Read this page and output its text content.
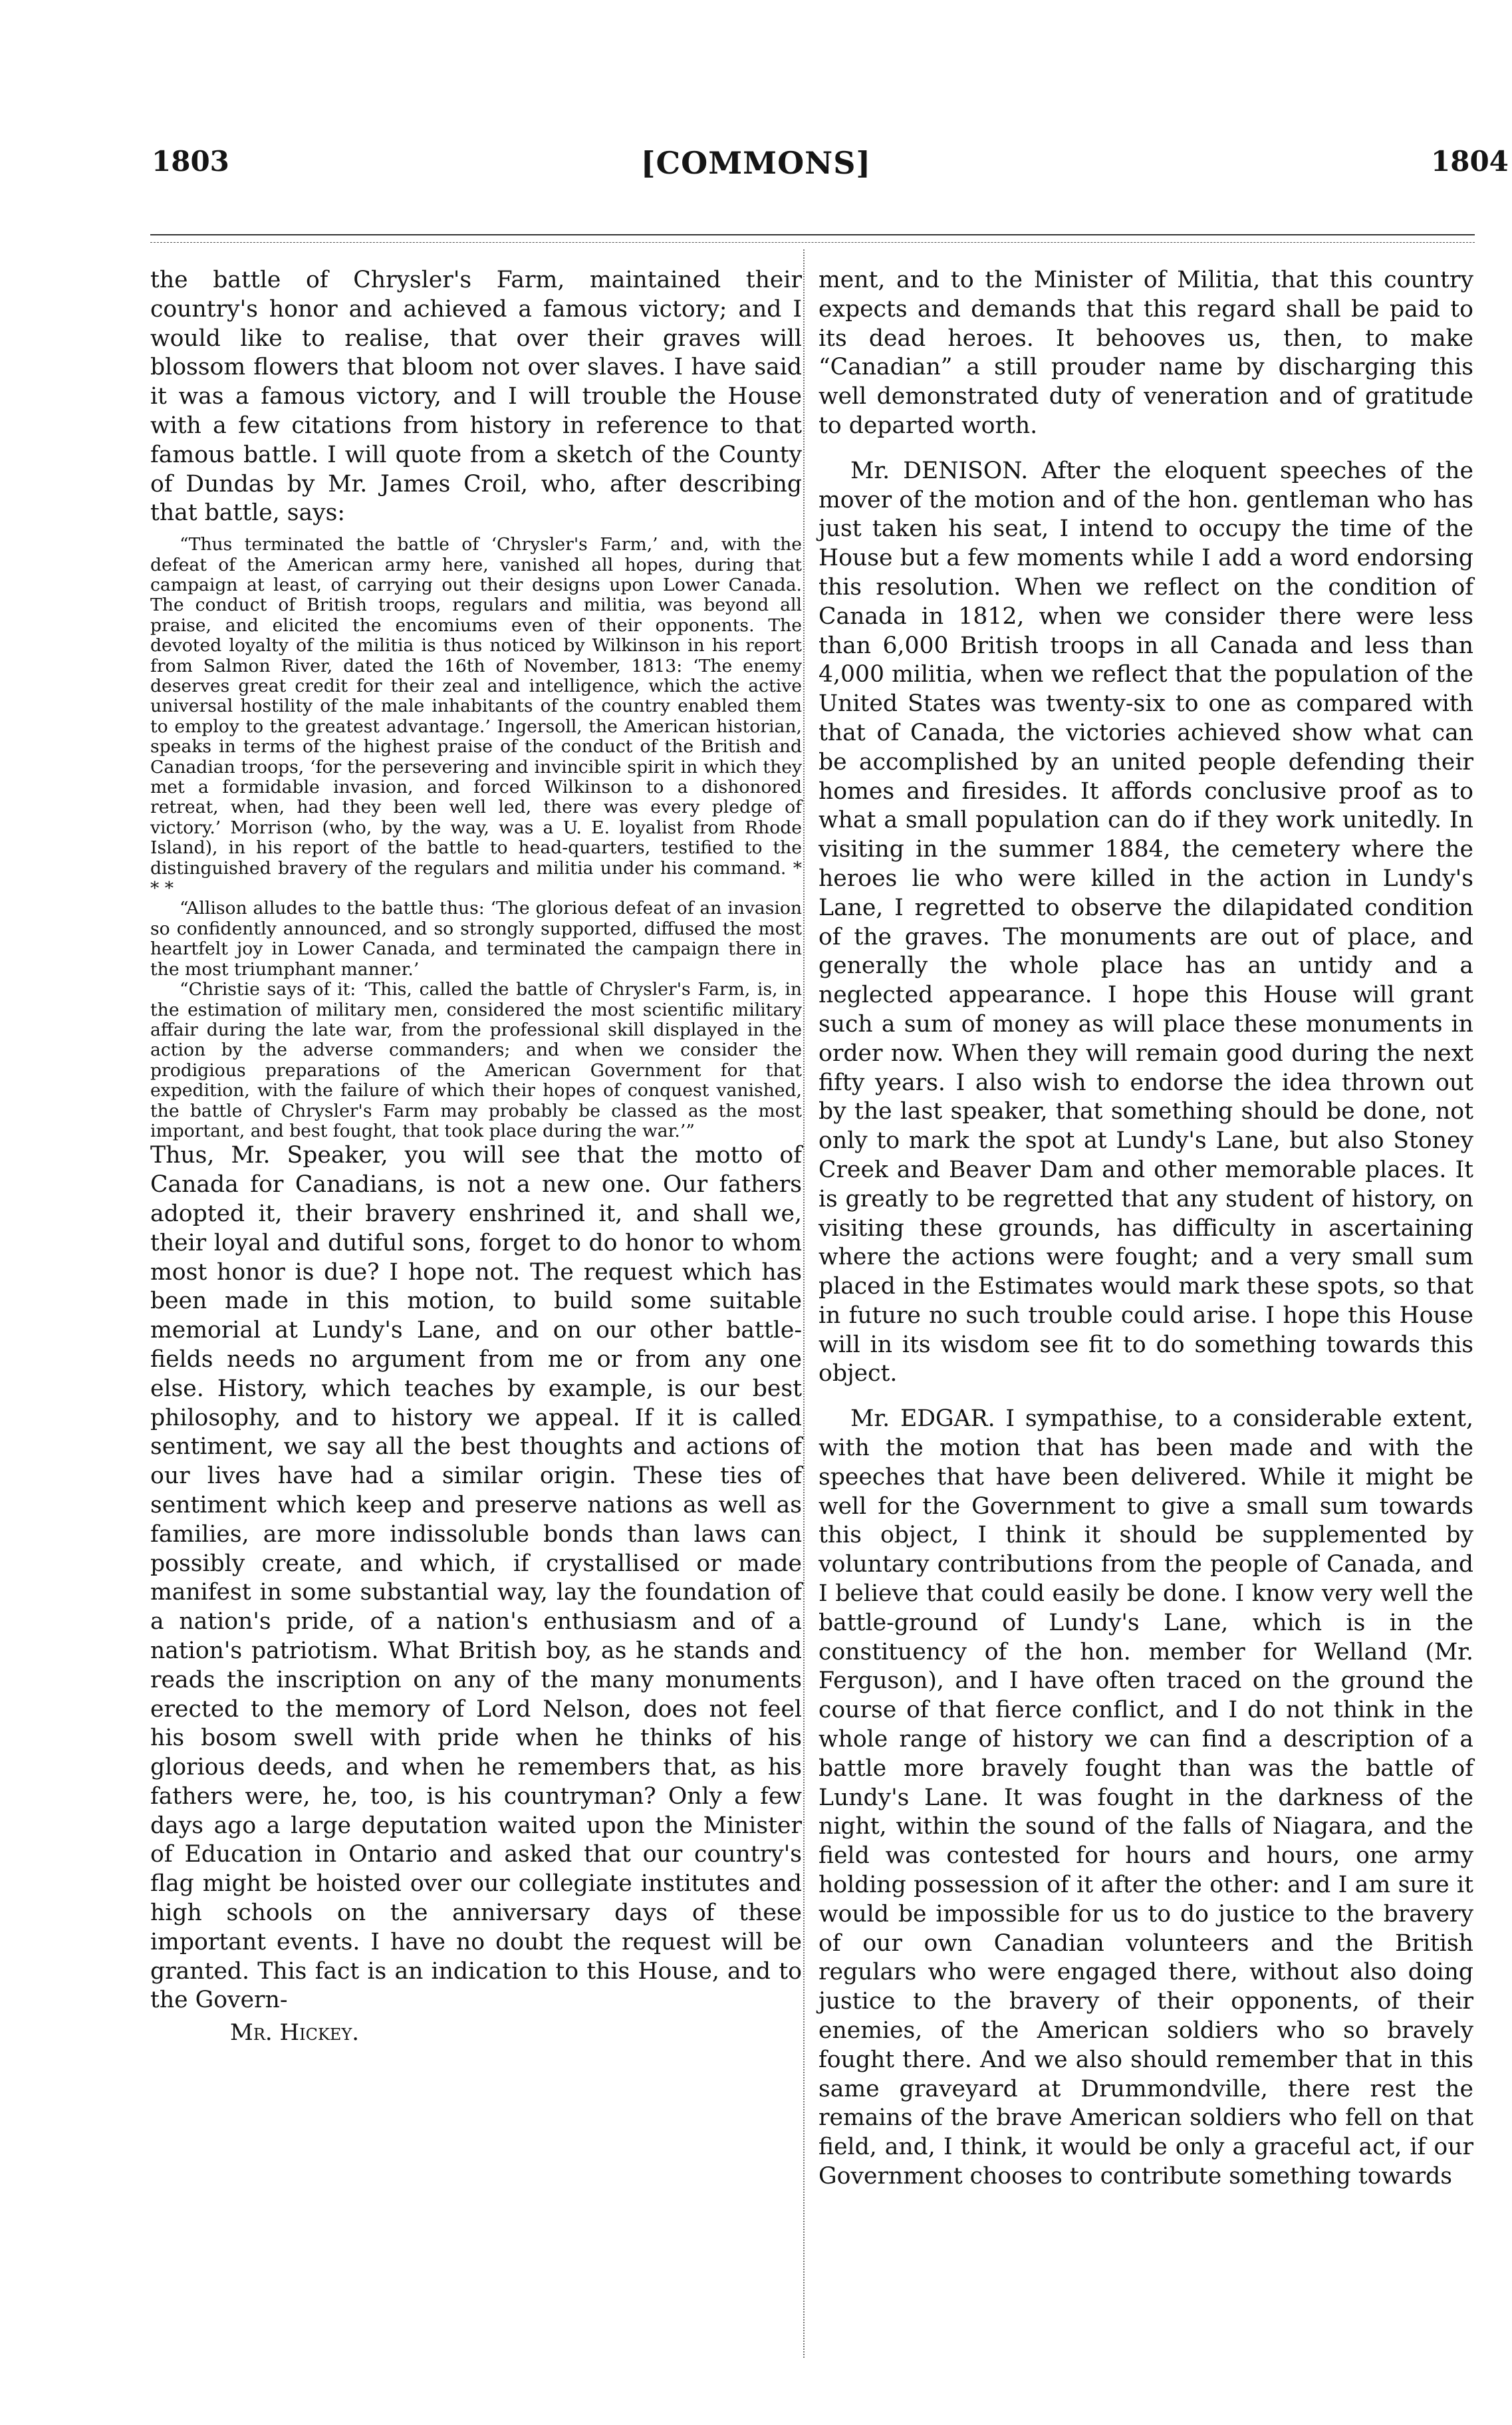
1803	[COMMONS]	1804

the battle of Chrysler's Farm, maintained their country's honor and achieved a famous victory; and I would like to realise, that over their graves will blossom flowers that bloom not over slaves. I have said it was a famous victory, and I will trouble the House with a few citations from history in reference to that famous battle. I will quote from a sketch of the County of Dundas by Mr. James Croil, who, after describing that battle, says:

“Thus terminated the battle of ‘Chrysler's Farm,’ and, with the defeat of the American army here, vanished all hopes, during that campaign at least, of carrying out their designs upon Lower Canada. The conduct of British troops, regulars and militia, was beyond all praise, and elicited the encomiums even of their opponents. The devoted loyalty of the militia is thus noticed by Wilkinson in his report from Salmon River, dated the 16th of November, 1813: ‘The enemy deserves great credit for their zeal and intelligence, which the active universal hostility of the male inhabitants of the country enabled them to employ to the greatest advantage.’ Ingersoll, the American historian, speaks in terms of the highest praise of the conduct of the British and Canadian troops, ‘for the persevering and invincible spirit in which they met a formidable invasion, and forced Wilkinson to a dishonored retreat, when, had they been well led, there was every pledge of victory.’ Morrison (who, by the way, was a U. E. loyalist from Rhode Island), in his report of the battle to head-quarters, testified to the distinguished bravery of the regulars and militia under his command. * * *

“Allison alludes to the battle thus: ‘The glorious defeat of an invasion so confidently announced, and so strongly supported, diffused the most heartfelt joy in Lower Canada, and terminated the campaign there in the most triumphant manner.’

“Christie says of it: ‘This, called the battle of Chrysler's Farm, is, in the estimation of military men, considered the most scientific military affair during the late war, from the professional skill displayed in the action by the adverse commanders; and when we consider the prodigious preparations of the American Government for that expedition, with the failure of which their hopes of conquest vanished, the battle of Chrysler's Farm may probably be classed as the most important, and best fought, that took place during the war.’”

Thus, Mr. Speaker, you will see that the motto of Canada for Canadians, is not a new one. Our fathers adopted it, their bravery enshrined it, and shall we, their loyal and dutiful sons, forget to do honor to whom most honor is due? I hope not. The request which has been made in this motion, to build some suitable memorial at Lundy's Lane, and on our other battle-fields needs no argument from me or from any one else. History, which teaches by example, is our best philosophy, and to history we appeal. If it is called sentiment, we say all the best thoughts and actions of our lives have had a similar origin. These ties of sentiment which keep and preserve nations as well as families, are more indissoluble bonds than laws can possibly create, and which, if crystallised or made manifest in some substantial way, lay the foundation of a nation's pride, of a nation's enthusiasm and of a nation's patriotism. What British boy, as he stands and reads the inscription on any of the many monuments erected to the memory of Lord Nelson, does not feel his bosom swell with pride when he thinks of his glorious deeds, and when he remembers that, as his fathers were, he, too, is his countryman? Only a few days ago a large deputation waited upon the Minister of Education in Ontario and asked that our country's flag might be hoisted over our collegiate institutes and high schools on the anniversary days of these important events. I have no doubt the request will be granted. This fact is an indication to this House, and to the Govern-

Mr. Hickey.

ment, and to the Minister of Militia, that this country expects and demands that this regard shall be paid to its dead heroes. It behooves us, then, to make “Canadian” a still prouder name by discharging this well demonstrated duty of veneration and of gratitude to departed worth.

Mr. DENISON. After the eloquent speeches of the mover of the motion and of the hon. gentleman who has just taken his seat, I intend to occupy the time of the House but a few moments while I add a word endorsing this resolution. When we reflect on the condition of Canada in 1812, when we consider there were less than 6,000 British troops in all Canada and less than 4,000 militia, when we reflect that the population of the United States was twenty-six to one as compared with that of Canada, the victories achieved show what can be accomplished by an united people defending their homes and firesides. It affords conclusive proof as to what a small population can do if they work unitedly. In visiting in the summer 1884, the cemetery where the heroes lie who were killed in the action in Lundy's Lane, I regretted to observe the dilapidated condition of the graves. The monuments are out of place, and generally the whole place has an untidy and a neglected appearance. I hope this House will grant such a sum of money as will place these monuments in order now. When they will remain good during the next fifty years. I also wish to endorse the idea thrown out by the last speaker, that something should be done, not only to mark the spot at Lundy's Lane, but also Stoney Creek and Beaver Dam and other memorable places. It is greatly to be regretted that any student of history, on visiting these grounds, has difficulty in ascertaining where the actions were fought; and a very small sum placed in the Estimates would mark these spots, so that in future no such trouble could arise. I hope this House will in its wisdom see fit to do something towards this object.

Mr. EDGAR. I sympathise, to a considerable extent, with the motion that has been made and with the speeches that have been delivered. While it might be well for the Government to give a small sum towards this object, I think it should be supplemented by voluntary contributions from the people of Canada, and I believe that could easily be done. I know very well the battle-ground of Lundy's Lane, which is in the constituency of the hon. member for Welland (Mr. Ferguson), and I have often traced on the ground the course of that fierce conflict, and I do not think in the whole range of history we can find a description of a battle more bravely fought than was the battle of Lundy's Lane. It was fought in the darkness of the night, within the sound of the falls of Niagara, and the field was contested for hours and hours, one army holding possession of it after the other: and I am sure it would be impossible for us to do justice to the bravery of our own Canadian volunteers and the British regulars who were engaged there, without also doing justice to the bravery of their opponents, of their enemies, of the American soldiers who so bravely fought there. And we also should remember that in this same graveyard at Drummondville, there rest the remains of the brave American soldiers who fell on that field, and, I think, it would be only a graceful act, if our Government chooses to contribute something towards
